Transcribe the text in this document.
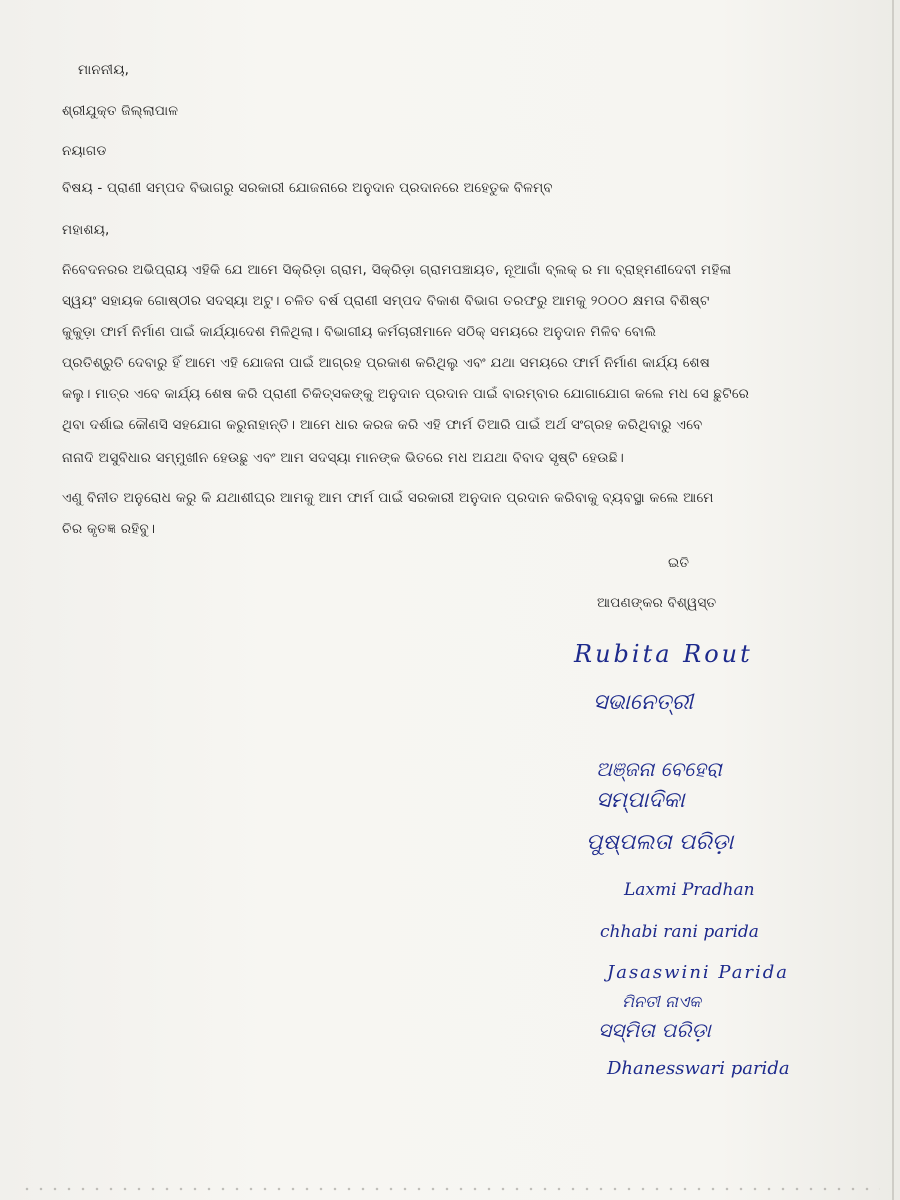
ମାନନୀୟ,
ଶ୍ରୀଯୁକ୍ତ ଜିଲ୍ଲାପାଳ
ନୟାଗଡ
ବିଷୟ - ପ୍ରାଣୀ ସମ୍ପଦ ବିଭାଗରୁ ସରକାରୀ ଯୋଜନାରେ ଅନୁଦାନ ପ୍ରଦାନରେ ଅହେତୁକ ବିଳମ୍ବ
ମହାଶୟ,
ନିବେଦନରର ଅଭିପ୍ରାୟ ଏହିକି ଯେ ଆମେ ସିକ୍ରିଡ଼ା ଗ୍ରାମ, ସିକ୍ରିଡ଼ା ଗ୍ରାମପଞ୍ଚାୟତ, ନୂଆଗାଁ ବ୍ଲକ୍ ର ମା ବ୍ରାହ୍ମଣୀଦେବୀ ମହିଳା
ସ୍ୱୟଂ ସହାୟକ ଗୋଷ୍ଠୀର ସଦସ୍ୟା ଅଟୁ। ଚଳିତ ବର୍ଷ ପ୍ରାଣୀ ସମ୍ପଦ ବିକାଶ ବିଭାଗ ତରଫରୁ ଆମକୁ ୨୦୦୦ କ୍ଷମତା ବିଶିଷ୍ଟ
କୁକୁଡ଼ା ଫାର୍ମ ନିର୍ମାଣ ପାଇଁ କାର୍ଯ୍ୟାଦେଶ ମିଳିଥିଲା। ବିଭାଗୀୟ କର୍ମଚାରୀମାନେ ସଠିକ୍ ସମୟରେ ଅନୁଦାନ ମିଳିବ ବୋଲି
ପ୍ରତିଶ୍ରୁତି ଦେବାରୁ ହିଁ ଆମେ ଏହି ଯୋଜନା ପାଇଁ ଆଗ୍ରହ ପ୍ରକାଶ କରିଥିଲୁ ଏବଂ ଯଥା ସମୟରେ ଫାର୍ମ ନିର୍ମାଣ କାର୍ଯ୍ୟ ଶେଷ
କଲୁ। ମାତ୍ର ଏବେ କାର୍ଯ୍ୟ ଶେଷ କରି ପ୍ରାଣୀ ଚିକିତ୍ସକଙ୍କୁ ଅନୁଦାନ ପ୍ରଦାନ ପାଇଁ ବାରମ୍ବାର ଯୋଗାଯୋଗ କଲେ ମଧ ସେ ଛୁଟିରେ
ଥିବା ଦର୍ଶାଇ କୌଣସି ସହଯୋଗ କରୁନାହାନ୍ତି। ଆମେ ଧାର କରଜ କରି ଏହି ଫାର୍ମ ତିଆରି ପାଇଁ ଅର୍ଥ ସଂଗ୍ରହ କରିଥିବାରୁ ଏବେ
ନାନାଦି ଅସୁବିଧାର ସମ୍ମୁଖୀନ ହେଉଛୁ ଏବଂ ଆମ ସଦସ୍ୟା ମାନଙ୍କ ଭିତରେ ମଧ ଅଯଥା ବିବାଦ ସୃଷ୍ଟି ହେଉଛି।
ଏଣୁ ବିନୀତ ଅନୁରୋଧ କରୁ କି ଯଥାଶୀଘ୍ର ଆମକୁ ଆମ ଫାର୍ମ ପାଇଁ ସରକାରୀ ଅନୁଦାନ ପ୍ରଦାନ କରିବାକୁ ବ୍ୟବସ୍ଥା କଲେ ଆମେ
ଚିର କୃତଜ୍ଞ ରହିବୁ।
ଇତି
ଆପଣଙ୍କର ବିଶ୍ୱସ୍ତ
Rubita Rout
ସଭାନେତ୍ରୀ
ଅଞ୍ଜନା ବେହେରା
ସମ୍ପାଦିକା
ପୁଷ୍ପଲତା ପରିଡ଼ା
Laxmi Pradhan
chhabi rani parida
Jasaswini Parida
ମିନତୀ ନାଏକ
ସସ୍ମିତା ପରିଡ଼ା
Dhanesswari parida
